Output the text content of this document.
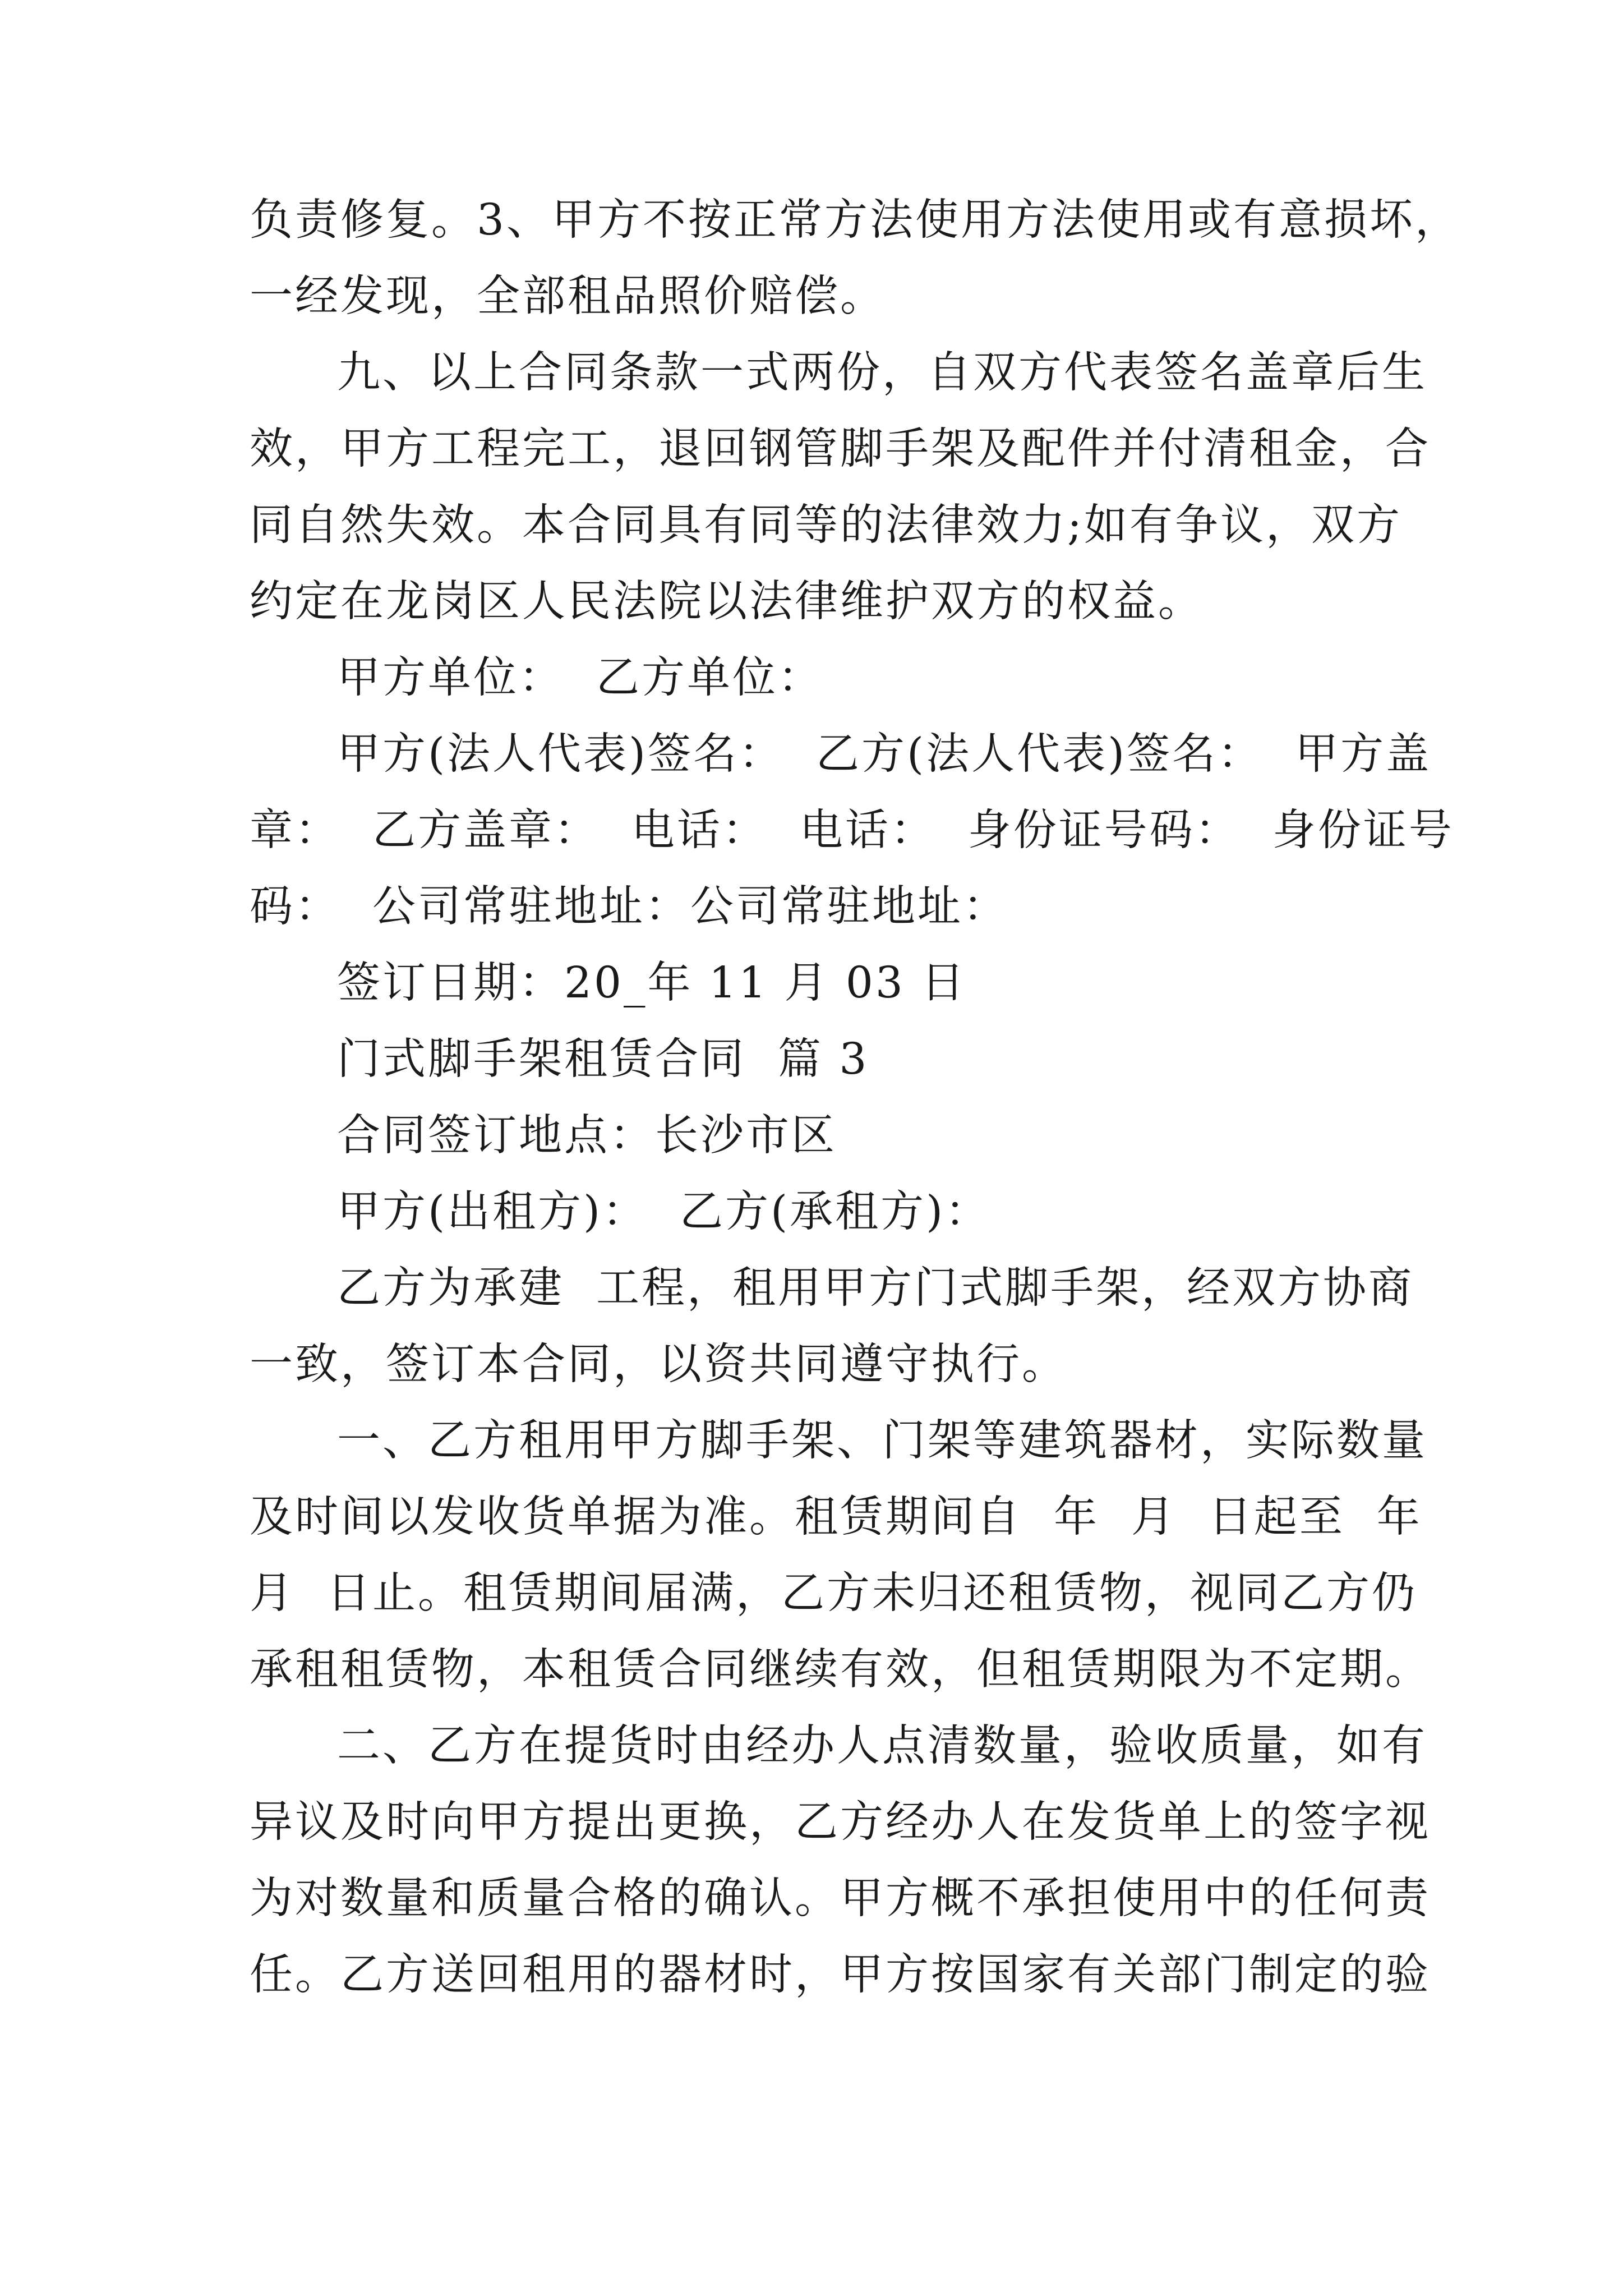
负责修复。3、甲方不按正常方法使用方法使用或有意损坏，
一经发现，全部租品照价赔偿。
九、以上合同条款一式两份，自双方代表签名盖章后生
效，甲方工程完工，退回钢管脚手架及配件并付清租金，合
同自然失效。本合同具有同等的法律效力;如有争议，双方
约定在龙岗区人民法院以法律维护双方的权益。
甲方单位：  乙方单位：
甲方(法人代表)签名：  乙方(法人代表)签名：  甲方盖
章：  乙方盖章：  电话：  电话：  身份证号码：  身份证号
码：  公司常驻地址：公司常驻地址：
签订日期：20_年 11 月 03 日
门式脚手架租赁合同  篇 3
合同签订地点：长沙市区
甲方(出租方)：  乙方(承租方)：
乙方为承建  工程，租用甲方门式脚手架，经双方协商
一致，签订本合同，以资共同遵守执行。
一、乙方租用甲方脚手架、门架等建筑器材，实际数量
及时间以发收货单据为准。租赁期间自  年  月  日起至  年
月  日止。租赁期间届满，乙方未归还租赁物，视同乙方仍
承租租赁物，本租赁合同继续有效，但租赁期限为不定期。
二、乙方在提货时由经办人点清数量，验收质量，如有
异议及时向甲方提出更换，乙方经办人在发货单上的签字视
为对数量和质量合格的确认。甲方概不承担使用中的任何责
任。乙方送回租用的器材时，甲方按国家有关部门制定的验
